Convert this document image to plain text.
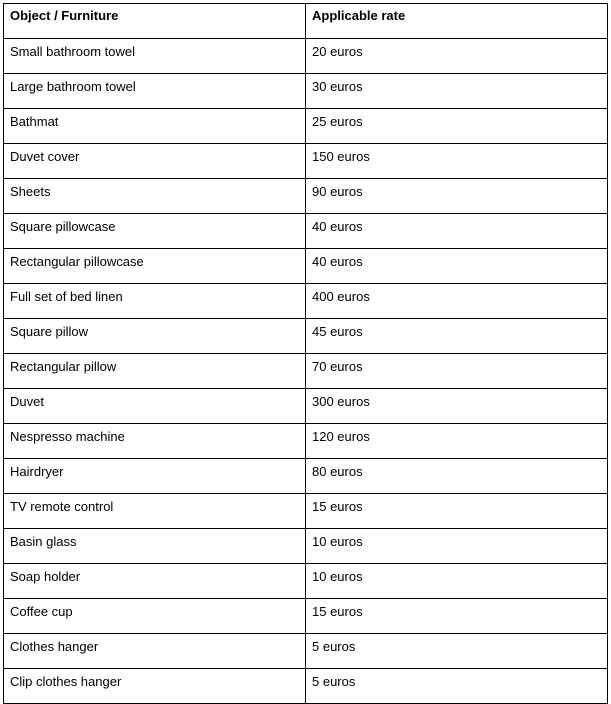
Object / Furniture	Applicable rate
Small bathroom towel	20 euros
Large bathroom towel	30 euros
Bathmat	25 euros
Duvet cover	150 euros
Sheets	90 euros
Square pillowcase	40 euros
Rectangular pillowcase	40 euros
Full set of bed linen	400 euros
Square pillow	45 euros
Rectangular pillow	70 euros
Duvet	300 euros
Nespresso machine	120 euros
Hairdryer	80 euros
TV remote control	15 euros
Basin glass	10 euros
Soap holder	10 euros
Coffee cup	15 euros
Clothes hanger	5 euros
Clip clothes hanger	5 euros
